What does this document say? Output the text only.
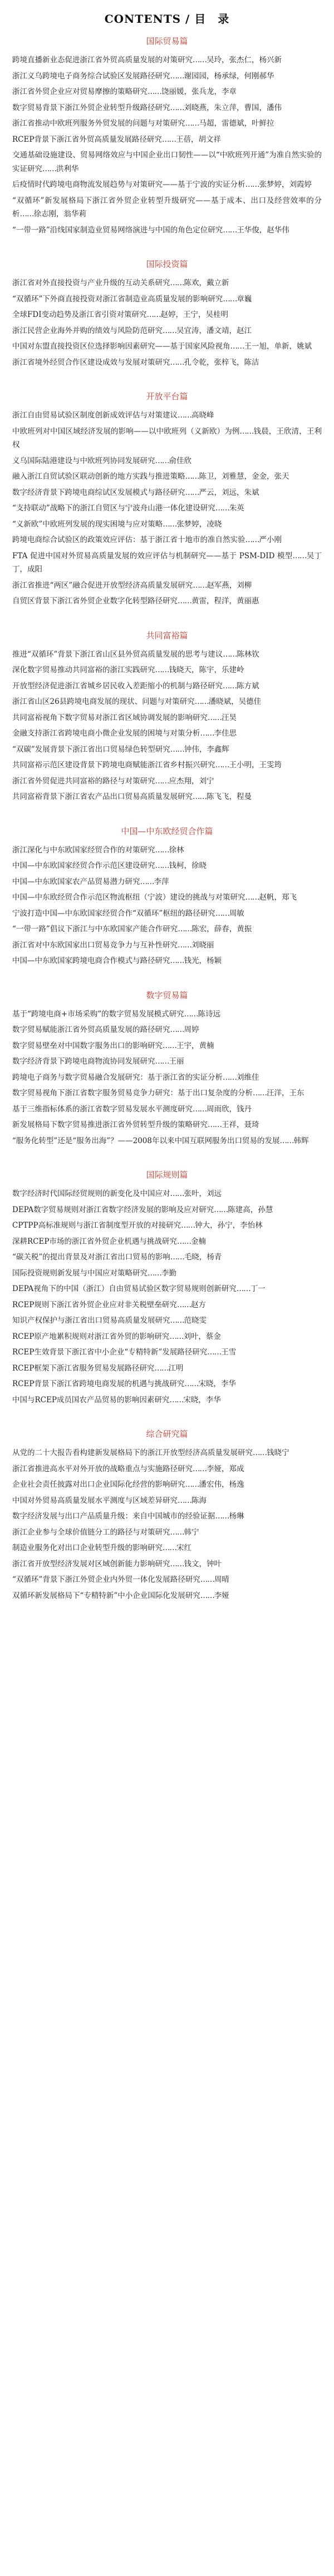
CONTENTS / 目　录
国际贸易篇
跨境直播新业态促进浙江省外贸高质量发展的对策研究……吴玲，张杰仁，杨兴新
浙江义乌跨境电子商务综合试验区发展路径研究……谢园园，杨承绿，何刚郝华
浙江省外贸企业应对贸易摩擦的策略研究……饶丽媛，张兵龙，李章
数字贸易背景下浙江外贸企业转型升级路径研究……刘晓燕，朱立萍，曹国，潘伟
浙江省推动中欧班列服务外贸发展的问题与对策研究……马超，雷德斌，叶鲜拉
RCEP背景下浙江省外贸高质量发展路径研究……王蓓，胡文祥
交通基础设施建设、贸易网络效应与中国企业出口韧性——以“中欧班列开通”为准自然实验的实证研究……洪利华
后疫情时代跨境电商物流发展趋势与对策研究——基于宁波的实证分析……张梦婷，刘霞婷
“双循环”新发展格局下浙江省外贸企业转型升级研究——基于成本、出口及经营效率的分析……徐志刚，翁华莉
“一带一路”沿线国家制造业贸易网络演进与中国的角色定位研究……王华俊，赵华伟
国际投资篇
浙江省对外直接投资与产业升级的互动关系研究……陈欢，戴立新
“双循环”下外商直接投资对浙江省制造业高质量发展的影响研究……章巍
全球FDI变动趋势及浙江省引资对策研究……赵婷，王宁，吴桂明
浙江民营企业海外并购的绩效与风险防范研究……吴宜涛，潘文靖，赵江
中国对东盟直接投资区位选择影响因素研究——基于国家风险视角……王一旭，单新，姚斌
浙江省境外经贸合作区建设成效与发展对策研究……孔令乾，张梓飞，陈洁
开放平台篇
浙江自由贸易试验区制度创新成效评估与对策建议……高晓峰
中欧班列对中国区域经济发展的影响——以中欧班列（义新欧）为例……钱晨，王欣清，王利权
义乌国际陆港建设与中欧班列协同发展研究……俞佳欣
融入浙江自贸试验区联动创新的地方实践与推进策略……陈卫，刘雅慧，金金，张天
数字经济背景下跨境电商综试区发展模式与路径研究……严云，刘远，朱斌
“支持联动”战略下的浙江自贸区与宁波舟山港一体化建设研究……朱英
“义新欧”中欧班列发展的现实困境与应对策略……张梦婷，凌晓
跨境电商综合试验区的政策效应评估：基于浙江省十地市的准自然实验……严小刚
FTA 促进中国对外贸易高质量发展的效应评估与机制研究——基于 PSM-DID 模型……吴丁丁，成阳
浙江省推进“两区”融合促进开放型经济高质量发展研究……赵军燕，刘柳
自贸区背景下浙江省外贸企业数字化转型路径研究……黄雷，程洋，黄丽惠
共同富裕篇
推进“双循环”背景下浙江省山区县外贸高质量发展的思考与建议……陈林钦
深化数字贸易推动共同富裕的浙江实践研究……钱晓天，陈宇，乐建岭
开放型经济促进浙江省城乡居民收入差距缩小的机制与路径研究……陈方斌
浙江省山区26县跨境电商发展的现状、问题与对策研究……潘晓斌，吴德佳
共同富裕视角下数字贸易对浙江省区域协调发展的影响研究……汪昊
金融支持浙江省跨境电商小微企业发展的困境与对策分析……李佳思
“双碳”发展背景下浙江省出口贸易绿色转型研究……钟伟，李鑫辉
共同富裕示范区建设背景下跨境电商赋能浙江省乡村振兴研究……王小明，王雯筠
浙江省外贸促进共同富裕的路径与对策研究……应杰翔，刘宁
共同富裕背景下浙江省农产品出口贸易高质量发展研究……陈飞飞，程曼
中国—中东欧经贸合作篇
浙江深化与中东欧国家经贸合作的对策研究……徐林
中国—中东欧国家经贸合作示范区建设研究……钱柯，徐晓
中国—中东欧国家农产品贸易潜力研究……李萍
中国—中东欧经贸合作示范区物流枢纽（宁波）建设的挑战与对策研究……赵帆，郑飞
宁波打造中国—中东欧国家经贸合作“双循环”枢纽的路径研究……周敏
“一带一路”倡议下浙江与中东欧国家产能合作研究……陈宏，薛春，黄振
浙江省对中东欧国家出口贸易竞争力与互补性研究……刘晓丽
中国—中东欧国家跨境电商合作模式与路径研究……钱光，杨颖
数字贸易篇
基于“跨境电商+市场采购”的数字贸易发展模式研究……陈诗远
数字贸易赋能浙江省外贸高质量发展的路径研究……周婷
数字贸易壁垒对中国数字服务出口的影响研究……王宇，黄楠
数字经济背景下跨境电商物流协同发展研究……王丽
跨境电子商务与数字贸易融合发展研究：基于浙江省的实证分析……刘维佳
数字贸易视角下浙江省数字服务贸易竞争力研究：基于出口复杂度的分析……汪洋，王东
基于三维指标体系的浙江省数字贸易发展水平测度研究……周雨欣，钱丹
新发展格局下数字贸易推进浙江省外贸转型升级的策略研究……王祥，聂琦
“服务化转型”还是“服务出海”？——2008年以来中国互联网服务出口贸易的发展……韩辉
国际规则篇
数字经济时代国际经贸规则的新变化及中国应对……张叶，刘远
DEPA数字贸易规则对浙江省数字经济发展的影响及应对研究……陈建高，孙慧
CPTPP高标准规则与浙江省制度型开放的对接研究……钟大，孙宁，李怡林
深耕RCEP市场的浙江省外贸企业机遇与挑战研究……金楠
“碳关税”的提出背景及对浙江省出口贸易的影响……毛晓，杨青
国际投资规则新发展与中国应对策略研究……李勤
DEPA视角下的中国（浙江）自由贸易试验区数字贸易规则创新研究……丁一
RCEP规则下浙江省外贸企业应对非关税壁垒研究……赵方
知识产权保护与浙江省出口贸易高质量发展研究……范晓雯
RCEP原产地累积规则对浙江省外贸的影响研究……刘叶，蔡金
RCEP生效背景下浙江省中小企业“专精特新”发展路径研究……王雪
RCEP框架下浙江省服务贸易发展路径研究……江明
RCEP背景下浙江省跨境电商发展的机遇与挑战研究……宋晓，李华
中国与RCEP成员国农产品贸易的影响因素研究……宋晓，李华
综合研究篇
从党的二十大报告看构建新发展格局下的浙江开放型经济高质量发展研究……钱晓宁
浙江省推进高水平对外开放的战略重点与实施路径研究……李娅，郑成
企业社会责任披露对出口企业国际化经营的影响研究……潘宏伟，杨逸
中国对外贸易高质量发展水平测度与区域差异研究……陈海
数字经济发展与出口产品质量升级：来自中国城市的经验证据……杨琳
浙江企业参与全球价值链分工的路径与对策研究……韩宁
制造业服务化对出口企业转型升级的影响研究……宋红
浙江省开放型经济发展对区域创新能力影响研究……钱文，钟叶
“双循环”背景下浙江外贸企业内外贸一体化发展路径研究……周晴
双循环新发展格局下“专精特新”中小企业国际化发展研究……李娅
